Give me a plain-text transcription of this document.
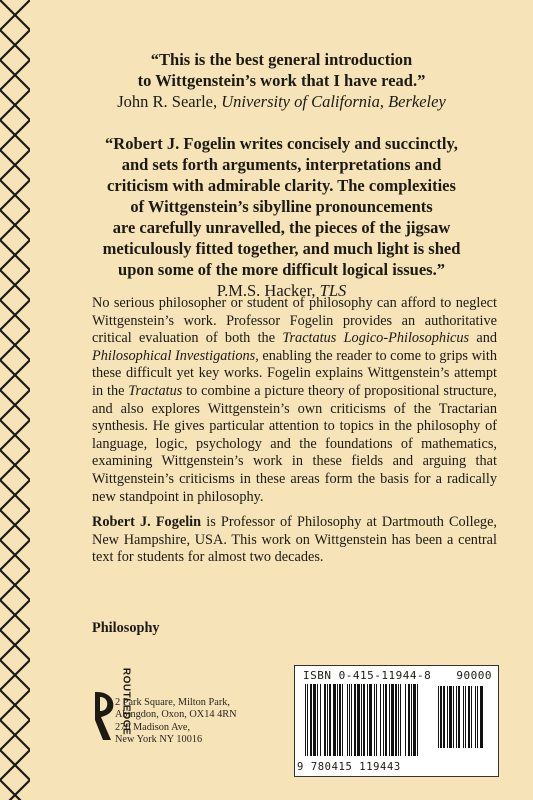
“This is the best general introduction
to Wittgenstein’s work that I have read.”
John R. Searle, University of California, Berkeley
“Robert J. Fogelin writes concisely and succinctly,
and sets forth arguments, interpretations and
criticism with admirable clarity. The complexities
of Wittgenstein’s sibylline pronouncements
are carefully unravelled, the pieces of the jigsaw
meticulously fitted together, and much light is shed
upon some of the more difficult logical issues.”
P.M.S. Hacker, TLS

No serious philosopher or student of philosophy can afford to neglect Wittgenstein’s work. Professor Fogelin provides an authoritative critical evaluation of both the Tractatus Logico-Philosophicus and Philosophical Investigations, enabling the reader to come to grips with these difficult yet key works. Fogelin explains Wittgenstein’s attempt in the Tractatus to combine a picture theory of propositional structure, and also explores Wittgenstein’s own criticisms of the Tractarian synthesis. He gives particular attention to topics in the philosophy of language, logic, psychology and the foundations of mathematics, examining Wittgenstein’s work in these fields and arguing that Wittgenstein’s criticisms in these areas form the basis for a radically new standpoint in philosophy.

Robert J. Fogelin is Professor of Philosophy at Dartmouth College, New Hampshire, USA. This work on Wittgenstein has been a central text for students for almost two decades.

Philosophy
ROUTLEDGE
2 Park Square, Milton Park,
Abingdon, Oxon, OX14 4RN
270 Madison Ave,
New York NY 10016
ISBN 0-415-11944-8 90000
9 780415 119443
